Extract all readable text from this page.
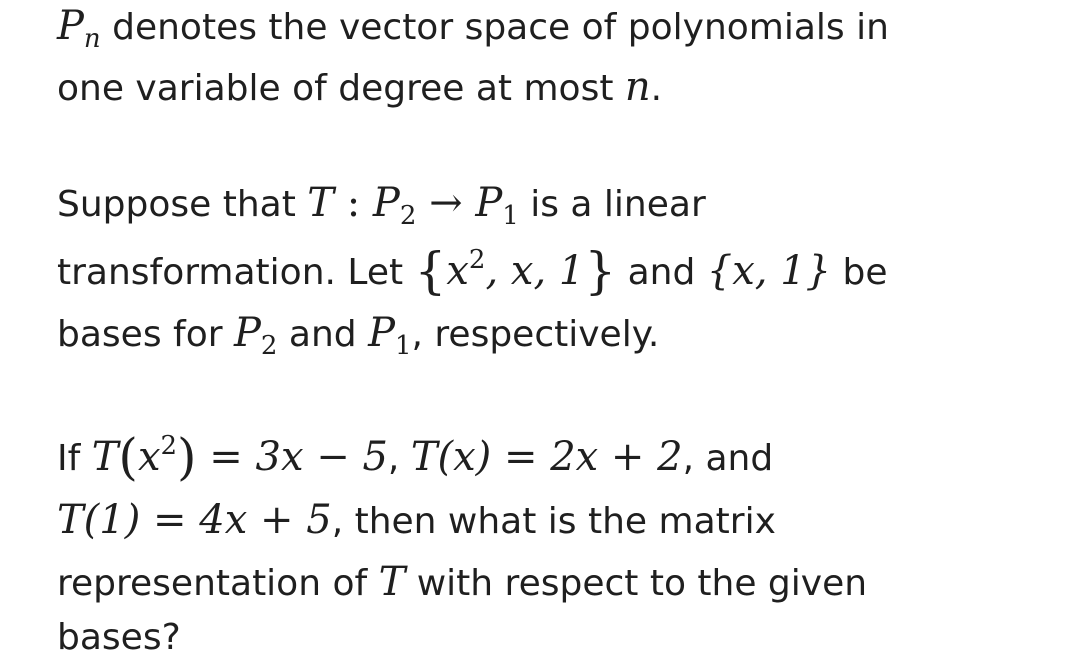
$P_n$ denotes the vector space of polynomials in
one variable of degree at most n.
Suppose that T : $P_2 \to P_1$ is a linear
transformation. Let {$x^2$, x, 1} and {x, 1} be
bases for $P_2$ and $P_1$, respectively.
If $T(x^2) = 3x - 5$, T(x) = 2x + 2, and
T(1) = 4x + 5, then what is the matrix
representation of T with respect to the given
bases?
